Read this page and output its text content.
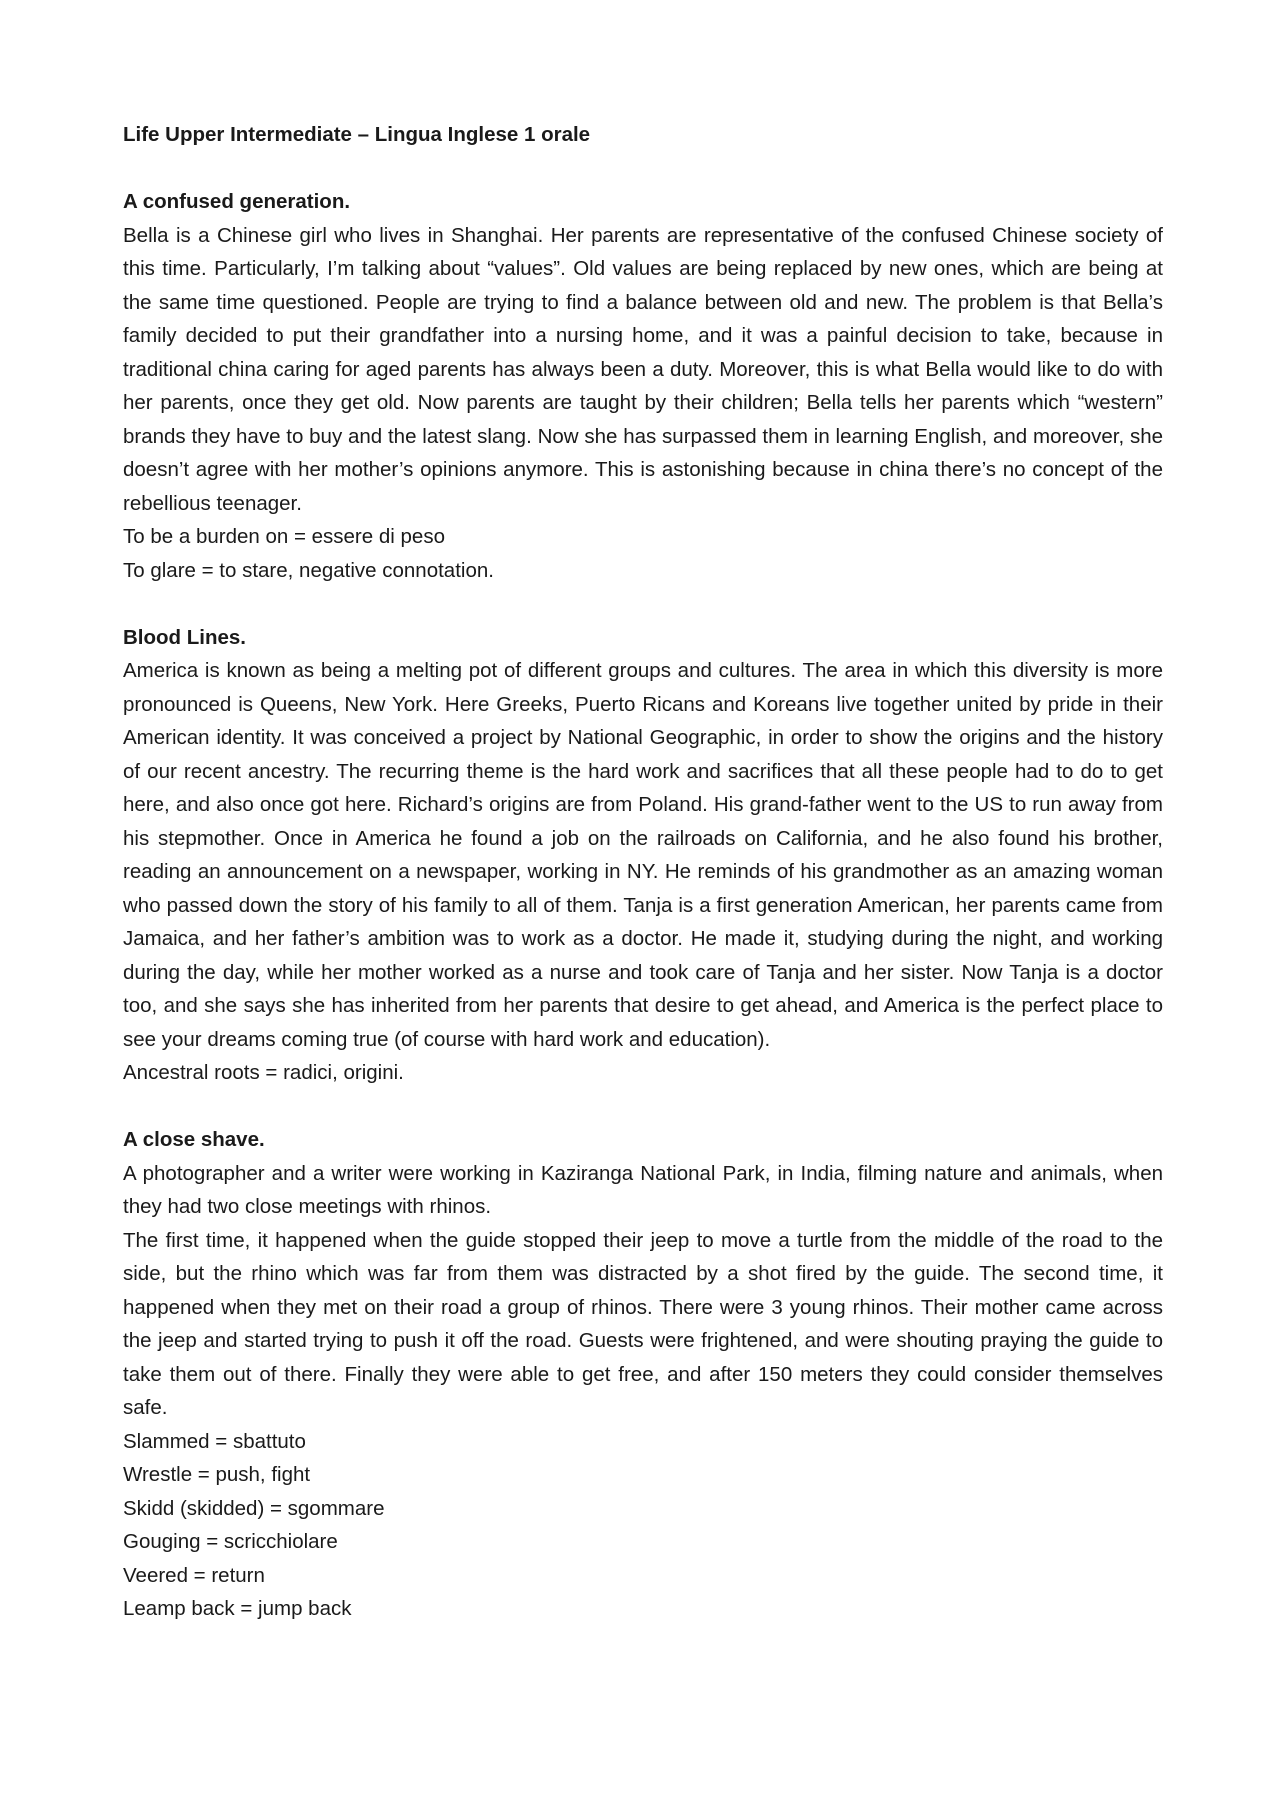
Life Upper Intermediate – Lingua Inglese 1 orale

A confused generation.

Bella is a Chinese girl who lives in Shanghai. Her parents are representative of the confused Chinese society of this time. Particularly, I’m talking about “values”. Old values are being replaced by new ones, which are being at the same time questioned. People are trying to find a balance between old and new. The problem is that Bella’s family decided to put their grandfather into a nursing home, and it was a painful decision to take, because in traditional china caring for aged parents has always been a duty. Moreover, this is what Bella would like to do with her parents, once they get old. Now parents are taught by their children; Bella tells her parents which “western” brands they have to buy and the latest slang. Now she has surpassed them in learning English, and moreover, she doesn’t agree with her mother’s opinions anymore. This is astonishing because in china there’s no concept of the rebellious teenager.

To be a burden on = essere di peso

To glare = to stare, negative connotation.

Blood Lines.

America is known as being a melting pot of different groups and cultures. The area in which this diversity is more pronounced is Queens, New York. Here Greeks, Puerto Ricans and Koreans live together united by pride in their American identity. It was conceived a project by National Geographic, in order to show the origins and the history of our recent ancestry. The recurring theme is the hard work and sacrifices that all these people had to do to get here, and also once got here. Richard’s origins are from Poland. His grand-father went to the US to run away from his stepmother. Once in America he found a job on the railroads on California, and he also found his brother, reading an announcement on a newspaper, working in NY. He reminds of his grandmother as an amazing woman who passed down the story of his family to all of them. Tanja is a first generation American, her parents came from Jamaica, and her father’s ambition was to work as a doctor. He made it, studying during the night, and working during the day, while her mother worked as a nurse and took care of Tanja and her sister. Now Tanja is a doctor too, and she says she has inherited from her parents that desire to get ahead, and America is the perfect place to see your dreams coming true (of course with hard work and education).

Ancestral roots = radici, origini.

A close shave.

A photographer and a writer were working in Kaziranga National Park, in India, filming nature and animals, when they had two close meetings with rhinos.

The first time, it happened when the guide stopped their jeep to move a turtle from the middle of the road to the side, but the rhino which was far from them was distracted by a shot fired by the guide. The second time, it happened when they met on their road a group of rhinos. There were 3 young rhinos. Their mother came across the jeep and started trying to push it off the road. Guests were frightened, and were shouting praying the guide to take them out of there. Finally they were able to get free, and after 150 meters they could consider themselves safe.

Slammed = sbattuto

Wrestle = push, fight

Skidd (skidded) = sgommare

Gouging = scricchiolare

Veered = return

Leamp back = jump back
